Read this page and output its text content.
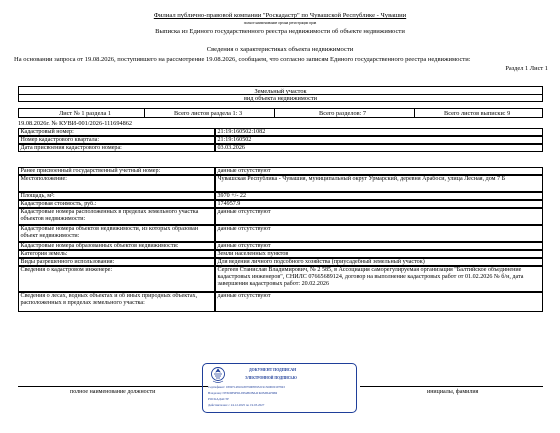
Филиал публично-правовой компании "Роскадастр" по Чувашской Республике - Чувашии
полное наименование органа регистрации прав
Выписка из Единого государственного реестра недвижимости об объекте недвижимости
Сведения о характеристиках объекта недвижимости
На основании запроса от 19.08.2026, поступившего на рассмотрение 19.08.2026, сообщаем, что согласно записям Единого государственного реестра недвижимости:
Раздел 1 Лист 1
Земельный участок
вид объекта недвижимости
Лист № 1 раздела 1	Всего листов раздела 1: 3	Всего разделов: 7	Всего листов выписки: 9
19.08.2026г. № КУВИ-001/2026-111694862
Кадастровый номер:	21:19:160502:1082
Номер кадастрового квартала:	21:19:160502
Дата присвоения кадастрового номера:	03.03.2026
Ранее присвоенный государственный учетный номер:	данные отсутствуют
Местоположение:	Чувашская Республика - Чувашия, муниципальный округ Урмарский, деревня Арабоси, улица Лесная, дом 7 Б
Площадь, м²:	3970 +/- 22
Кадастровая стоимость, руб.:	174957.9
Кадастровые номера расположенных в пределах земельного участка объектов недвижимости:
данные отсутствуют
Кадастровые номера объектов недвижимости, из которых образован объект недвижимости:
данные отсутствуют
Кадастровые номера образованных объектов недвижимости:	данные отсутствуют
Категория земель:	Земли населенных пунктов
Виды разрешенного использования:	Для ведения личного подсобного хозяйства (приусадебный земельный участок)
Сведения о кадастровом инженере:	Сергеев Станислав Владимирович, № 2 585, в Ассоциация саморегулируемая организация "Балтийское объединение кадастровых инженеров", СНИЛС 07665689124, договор на выполнение кадастровых работ от 01.02.2026 № б/н, дата завершения кадастровых работ: 20.02.2026
Сведения о лесах, водных объектах и об иных природных объектах, расположенных в пределах земельного участка:
данные отсутствуют
полное наименование должности	инициалы, фамилия
ДОКУМЕНТ ПОДПИСАН
ЭЛЕКТРОННОЙ ПОДПИСЬЮ
Сертификат: 0399714810439799085952191360000197843
Владелец: ПУБЛИЧНО-ПРАВОВАЯ КОМПАНИЯ
РОСКАДАСТР
Действителен: с 24.12.2025 по 19.03.2027
